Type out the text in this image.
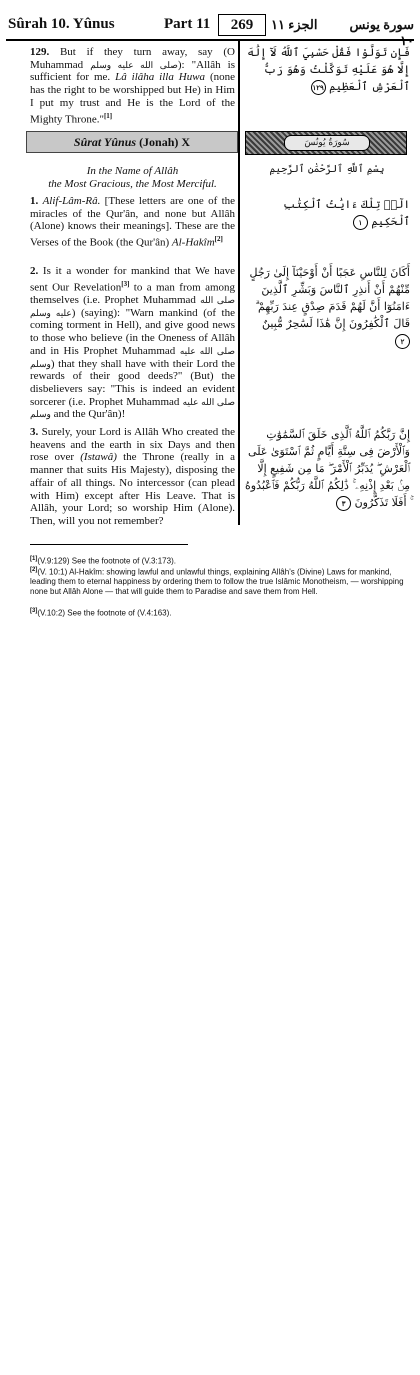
Sûrah 10. Yûnus	Part 11	269	الجزء ١١	سورة يونس
129. But if they turn away, say (O Muhammad صلى الله عليه وسلم): "Allâh is sufficient for me. Lâ ilâha illa Huwa (none has the right to be worshipped but He) in Him I put my trust and He is the Lord of the Mighty Throne."[1]
فَإِن تَوَلَّوْا فَقُلْ حَسْبِيَ ٱللَّهُ لَآ إِلَٰهَ إِلَّا هُوَ عَلَيْهِ تَوَكَّلْتُ وَهُوَ رَبُّ ٱلْعَرْشِ ٱلْعَظِيمِ ١٢٩
Sûrat Yûnus (Jonah) X	سُورَةُ يُونُسَ
In the Name of Allâh
the Most Gracious, the Most Merciful.
بِسْمِ ٱللَّهِ ٱلرَّحْمَٰنِ ٱلرَّحِيمِ
1. Alif-Lâm-Râ. [These letters are one of the miracles of the Qur'ân, and none but Allâh (Alone) knows their meanings]. These are the Verses of the Book (the Qur'ân) Al-Hakîm[2]
الٓرۚ تِلْكَ ءَايَٰتُ ٱلْكِتَٰبِ ٱلْحَكِيمِ ١
2. Is it a wonder for mankind that We have sent Our Revelation[3] to a man from among themselves (i.e. Prophet Muhammad صلى الله عليه وسلم) (saying): "Warn mankind (of the coming torment in Hell), and give good news to those who believe (in the Oneness of Allâh and in His Prophet Muhammad صلى الله عليه وسلم) that they shall have with their Lord the rewards of their good deeds?" (But) the disbelievers say: "This is indeed an evident sorcerer (i.e. Prophet Muhammad صلى الله عليه وسلم and the Qur'ân)!
أَكَانَ لِلنَّاسِ عَجَبًا أَنْ أَوْحَيْنَآ إِلَىٰ رَجُلٍ مِّنْهُمْ أَنْ أَنذِرِ ٱلنَّاسَ وَبَشِّرِ ٱلَّذِينَ ءَامَنُوٓا أَنَّ لَهُمْ قَدَمَ صِدْقٍ عِندَ رَبِّهِمْ ۗ قَالَ ٱلْكَٰفِرُونَ إِنَّ هَٰذَا لَسَٰحِرٌ مُّبِينٌ ٢
3. Surely, your Lord is Allâh Who created the heavens and the earth in six Days and then rose over (Istawâ) the Throne (really in a manner that suits His Majesty), disposing the affair of all things. No intercessor (can plead with Him) except after His Leave. That is Allâh, your Lord; so worship Him (Alone). Then, will you not remember?
إِنَّ رَبَّكُمُ ٱللَّهُ ٱلَّذِى خَلَقَ ٱلسَّمَٰوَٰتِ وَٱلْأَرْضَ فِى سِتَّةِ أَيَّامٍ ثُمَّ ٱسْتَوَىٰ عَلَى ٱلْعَرْشِ ۖ يُدَبِّرُ ٱلْأَمْرَ ۖ مَا مِن شَفِيعٍ إِلَّا مِنۢ بَعْدِ إِذْنِهِۦ ۚ ذَٰلِكُمُ ٱللَّهُ رَبُّكُمْ فَٱعْبُدُوهُ ۚ أَفَلَا تَذَكَّرُونَ ٣
[1](V.9:129) See the footnote of (V.3:173).
[2](V. 10:1) Al-Hakîm: showing lawful and unlawful things, explaining Allâh's (Divine) Laws for mankind, leading them to eternal happiness by ordering them to follow the true Islâmic Monotheism, — worshipping none but Allâh Alone — that will guide them to Paradise and save them from Hell.
[3](V.10:2) See the footnote of (V.4:163).
